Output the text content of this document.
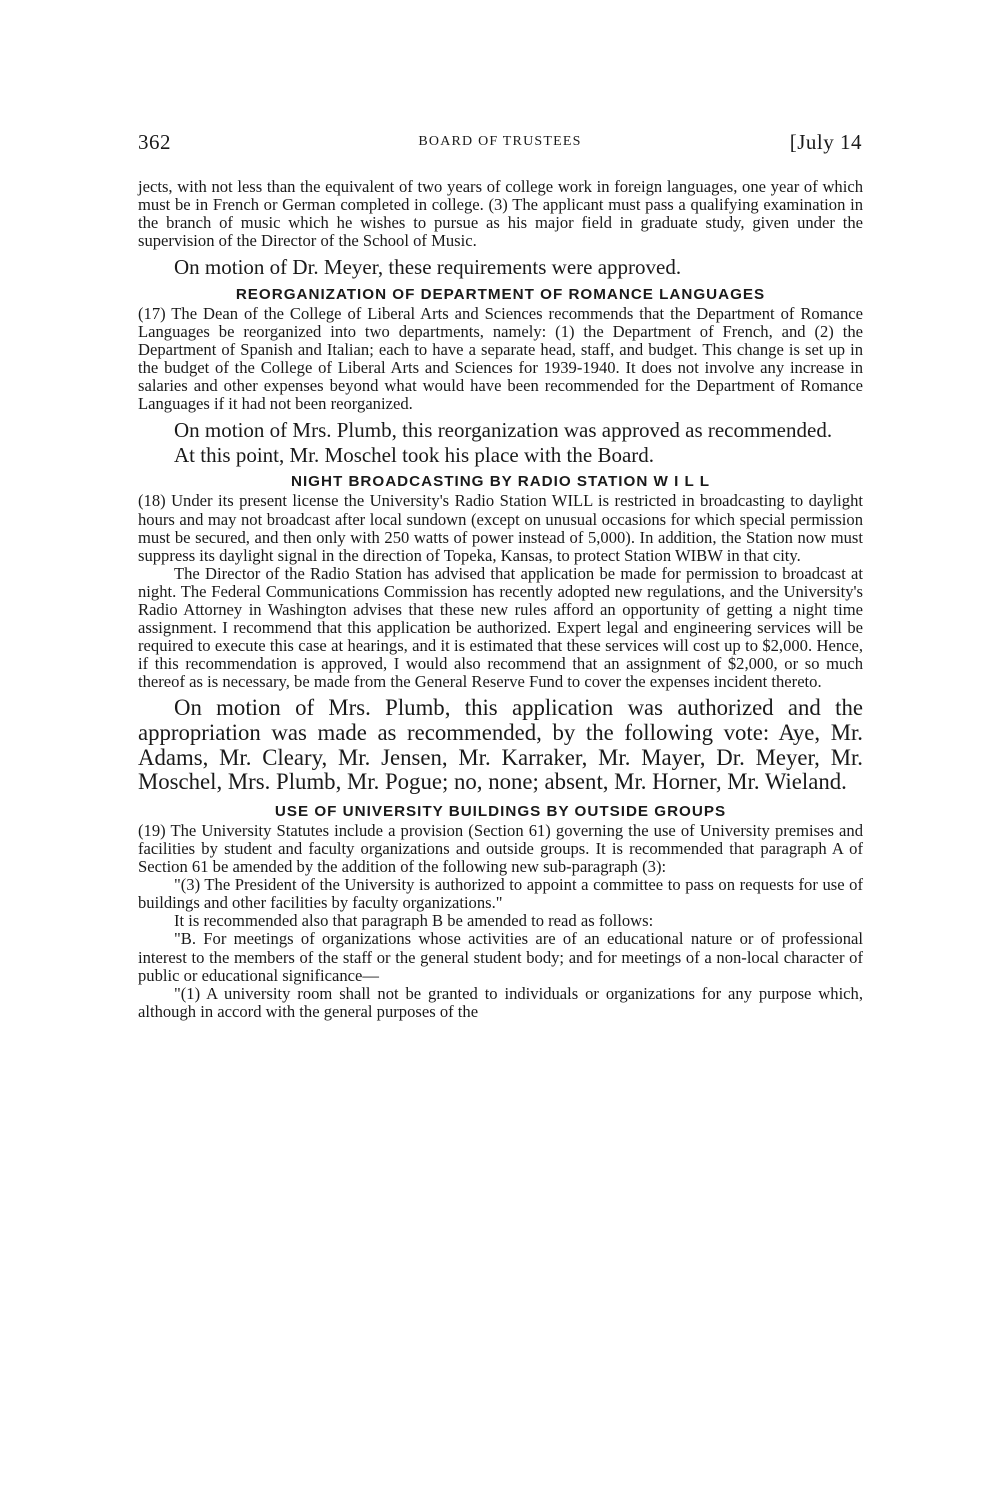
362	BOARD OF TRUSTEES	[July 14

jects, with not less than the equivalent of two years of college work in foreign languages, one year of which must be in French or German completed in college. (3) The applicant must pass a qualifying examination in the branch of music which he wishes to pursue as his major field in graduate study, given under the supervision of the Director of the School of Music.

On motion of Dr. Meyer, these requirements were approved.

REORGANIZATION OF DEPARTMENT OF ROMANCE LANGUAGES

(17) The Dean of the College of Liberal Arts and Sciences recommends that the Department of Romance Languages be reorganized into two departments, namely: (1) the Department of French, and (2) the Department of Spanish and Italian; each to have a separate head, staff, and budget. This change is set up in the budget of the College of Liberal Arts and Sciences for 1939-1940. It does not involve any increase in salaries and other expenses beyond what would have been recommended for the Department of Romance Languages if it had not been reorganized.

On motion of Mrs. Plumb, this reorganization was approved as recommended.

At this point, Mr. Moschel took his place with the Board.

NIGHT BROADCASTING BY RADIO STATION W I L L

(18) Under its present license the University's Radio Station WILL is restricted in broadcasting to daylight hours and may not broadcast after local sundown (except on unusual occasions for which special permission must be secured, and then only with 250 watts of power instead of 5,000). In addition, the Station now must suppress its daylight signal in the direction of Topeka, Kansas, to protect Station WIBW in that city.

The Director of the Radio Station has advised that application be made for permission to broadcast at night. The Federal Communications Commission has recently adopted new regulations, and the University's Radio Attorney in Washington advises that these new rules afford an opportunity of getting a night time assignment. I recommend that this application be authorized. Expert legal and engineering services will be required to execute this case at hearings, and it is estimated that these services will cost up to $2,000. Hence, if this recommendation is approved, I would also recommend that an assignment of $2,000, or so much thereof as is necessary, be made from the General Reserve Fund to cover the expenses incident thereto.

On motion of Mrs. Plumb, this application was authorized and the appropriation was made as recommended, by the following vote: Aye, Mr. Adams, Mr. Cleary, Mr. Jensen, Mr. Karraker, Mr. Mayer, Dr. Meyer, Mr. Moschel, Mrs. Plumb, Mr. Pogue; no, none; absent, Mr. Horner, Mr. Wieland.

USE OF UNIVERSITY BUILDINGS BY OUTSIDE GROUPS

(19) The University Statutes include a provision (Section 61) governing the use of University premises and facilities by student and faculty organizations and outside groups. It is recommended that paragraph A of Section 61 be amended by the addition of the following new sub-paragraph (3):

"(3) The President of the University is authorized to appoint a committee to pass on requests for use of buildings and other facilities by faculty organizations."

It is recommended also that paragraph B be amended to read as follows:

"B. For meetings of organizations whose activities are of an educational nature or of professional interest to the members of the staff or the general student body; and for meetings of a non-local character of public or educational significance—

"(1) A university room shall not be granted to individuals or organizations for any purpose which, although in accord with the general purposes of the
